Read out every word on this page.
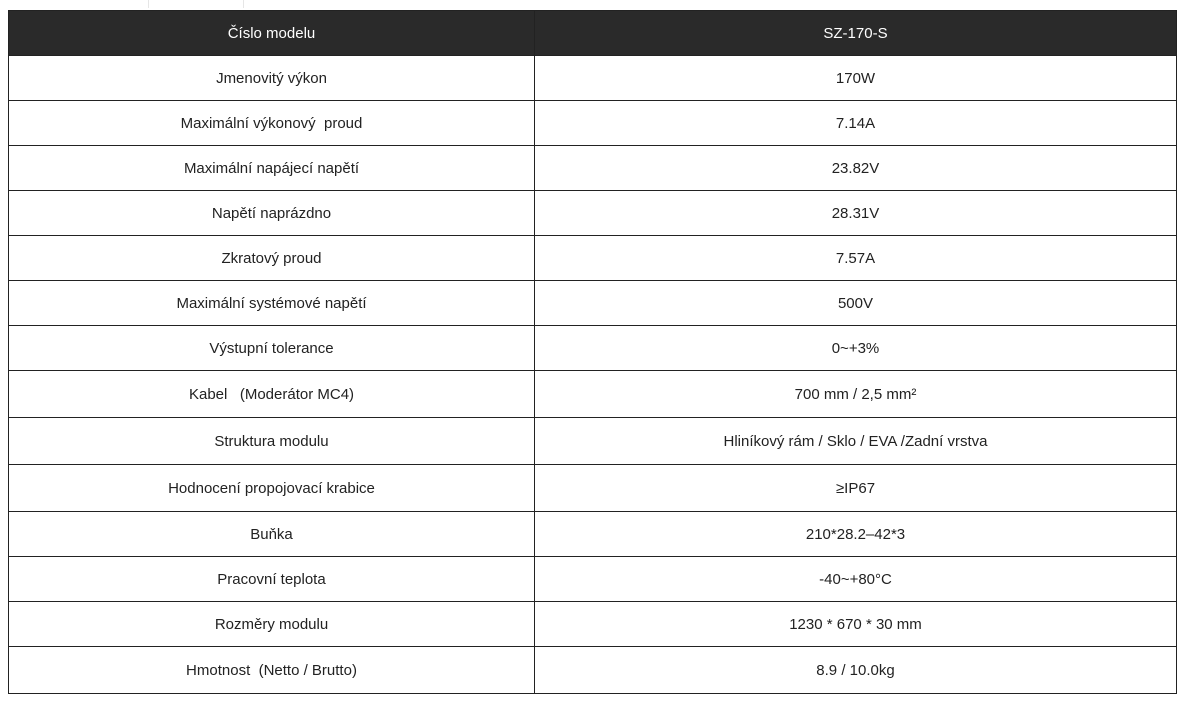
Číslo modelu	SZ-170-S
Jmenovitý výkon	170W
Maximální výkonový  proud	7.14A
Maximální napájecí napětí	23.82V
Napětí naprázdno	28.31V
Zkratový proud	7.57A
Maximální systémové napětí	500V
Výstupní tolerance	0~+3%
Kabel   (Moderátor MC4)	700 mm / 2,5 mm²
Struktura modulu	Hliníkový rám / Sklo / EVA /Zadní vrstva
Hodnocení propojovací krabice	≥IP67
Buňka	210*28.2–42*3
Pracovní teplota	-40~+80°C
Rozměry modulu	1230 * 670 * 30 mm
Hmotnost  (Netto / Brutto)	8.9 / 10.0kg
